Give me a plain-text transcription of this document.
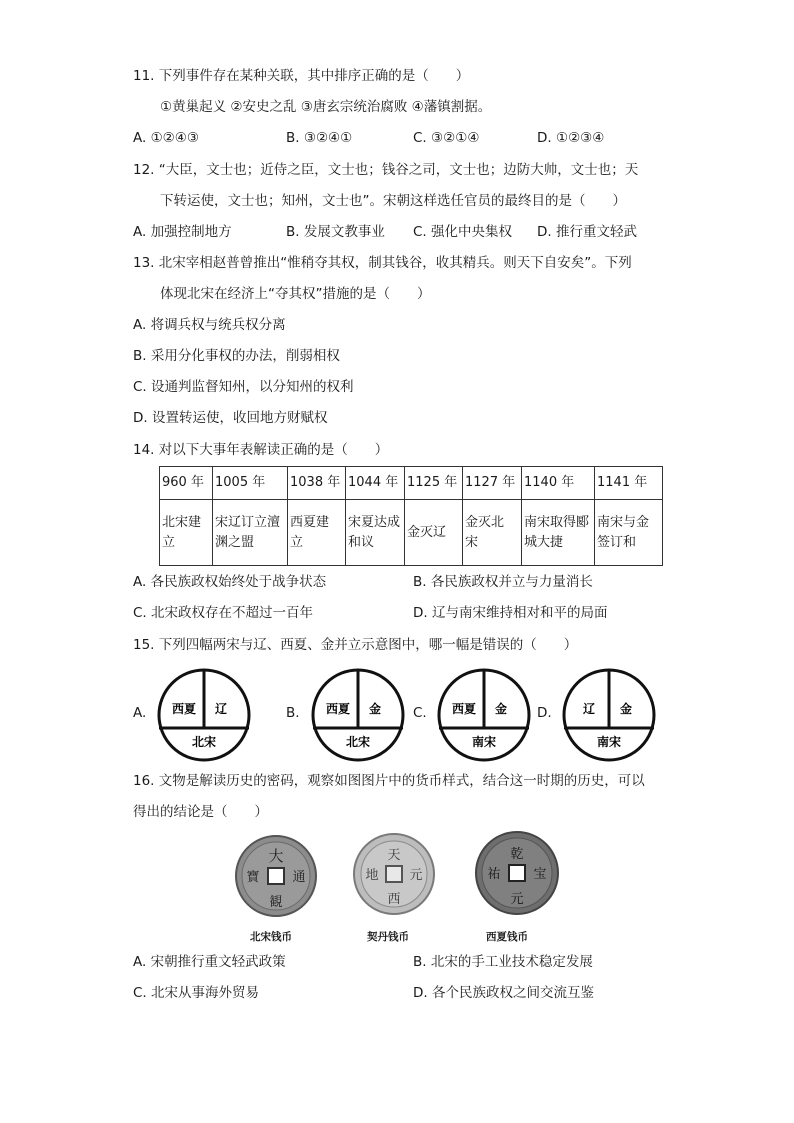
11. 下列事件存在某种关联，其中排序正确的是（　　）
①黄巢起义 ②安史之乱 ③唐玄宗统治腐败 ④藩镇割据。
A. ①②④③	B. ③②④①	C. ③②①④	D. ①②③④
12. “大臣，文士也；近侍之臣，文士也；钱谷之司，文士也；边防大帅，文士也；天
下转运使，文士也；知州，文士也”。宋朝这样选任官员的最终目的是（　　）
A. 加强控制地方	B. 发展文教事业 C. 强化中央集权 D. 推行重文轻武
13. 北宋宰相赵普曾推出“惟稍夺其权，制其钱谷，收其精兵。则天下自安矣”。下列
体现北宋在经济上“夺其权”措施的是（　　）
A. 将调兵权与统兵权分离
B. 采用分化事权的办法，削弱相权
C. 设通判监督知州，以分知州的权利
D. 设置转运使，收回地方财赋权
14. 对以下大事年表解读正确的是（　　）
960 年	1005 年	1038 年	1044 年	1125 年	1127 年	1140 年	1141 年

北宋建立	宋辽订立澶渊之盟	西夏建立	宋夏达成和议	金灭辽	金灭北宋	南宋取得郾城大捷	南宋与金签订和
A. 各民族政权始终处于战争状态	B. 各民族政权并立与力量消长
C. 北宋政权存在不超过一百年	D. 辽与南宋维持相对和平的局面
15. 下列四幅两宋与辽、西夏、金并立示意图中，哪一幅是错误的（　　）
A. 西夏 辽
北宋
B. 西夏 金
北宋
C. 西夏 金
南宋
D.	辽 金
南宋
16. 文物是解读历史的密码，观察如图图片中的货币样式，结合这一时期的历史，可以
得出的结论是（　　）
大
通
観
寶
北宋钱币
天
元
西
地
契丹钱币
乾
宝
元
祐
西夏钱币
A. 宋朝推行重文轻武政策	B. 北宋的手工业技术稳定发展
C. 北宋从事海外贸易	D. 各个民族政权之间交流互鉴
